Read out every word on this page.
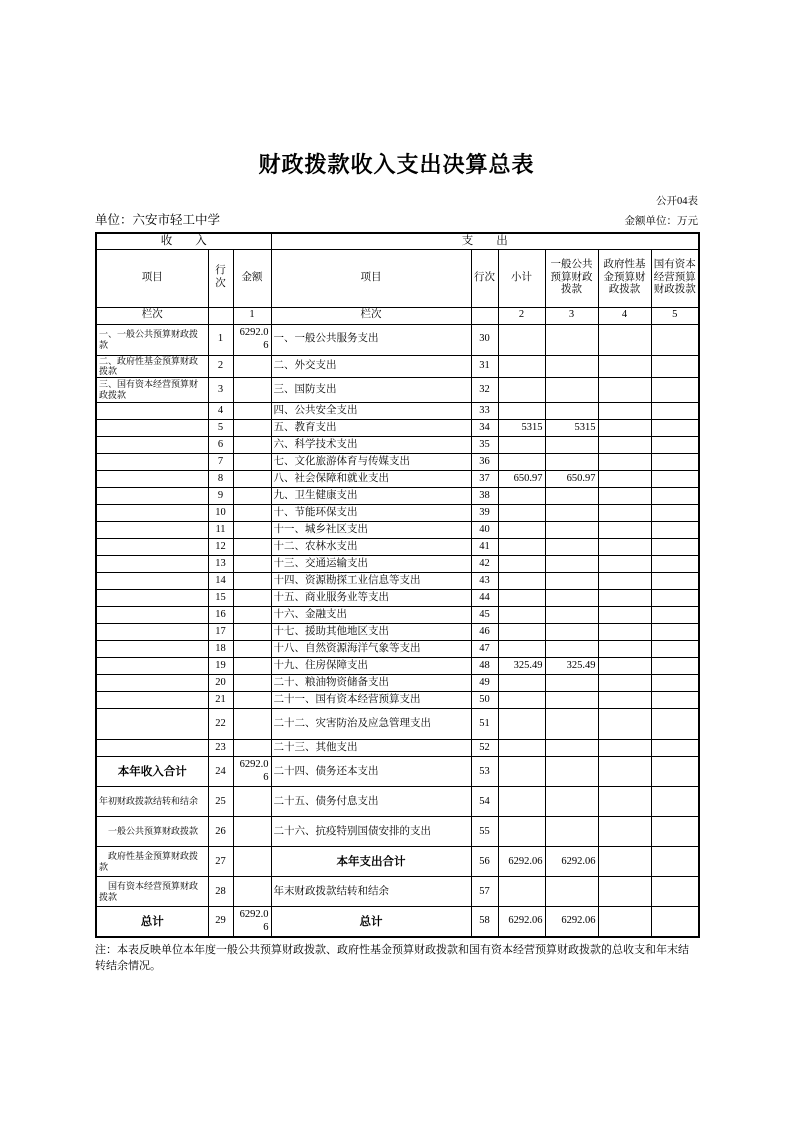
财政拨款收入支出决算总表
公开04表
单位：六安市轻工中学	金额单位：万元
收　　入			支　　出					
项目	行次	金额	项目	行次	小计	一般公共预算财政拨款	政府性基金预算财政拨款	国有资本经营预算财政拨款
栏次		1	栏次		2	3	4	5
一、一般公共预算财政拨款	1	6292.06	一、一般公共服务支出	30				
二、政府性基金预算财政拨款	2		二、外交支出	31				
三、国有资本经营预算财政拨款	3		三、国防支出	32				
	4		四、公共安全支出	33				
	5		五、教育支出	34	5315	5315		
	6		六、科学技术支出	35				
	7		七、文化旅游体育与传媒支出	36				
	8		八、社会保障和就业支出	37	650.97	650.97		
	9		九、卫生健康支出	38				
	10		十、节能环保支出	39				
	11		十一、城乡社区支出	40				
	12		十二、农林水支出	41				
	13		十三、交通运输支出	42				
	14		十四、资源勘探工业信息等支出	43				
	15		十五、商业服务业等支出	44				
	16		十六、金融支出	45				
	17		十七、援助其他地区支出	46				
	18		十八、自然资源海洋气象等支出	47				
	19		十九、住房保障支出	48	325.49	325.49		
	20		二十、粮油物资储备支出	49				
	21		二十一、国有资本经营预算支出	50				
	22		二十二、灾害防治及应急管理支出	51				
	23		二十三、其他支出	52				
本年收入合计	24	6292.06	二十四、债务还本支出	53				
年初财政拨款结转和结余	25		二十五、债务付息支出	54				
一般公共预算财政拨款	26		二十六、抗疫特别国债安排的支出	55				
政府性基金预算财政拨款	27		本年支出合计	56	6292.06	6292.06		
国有资本经营预算财政拨款	28		年末财政拨款结转和结余	57				
总计	29	6292.06	总计	58	6292.06	6292.06		
注：本表反映单位本年度一般公共预算财政拨款、政府性基金预算财政拨款和国有资本经营预算财政拨款的总收支和年末结转结余情况。
